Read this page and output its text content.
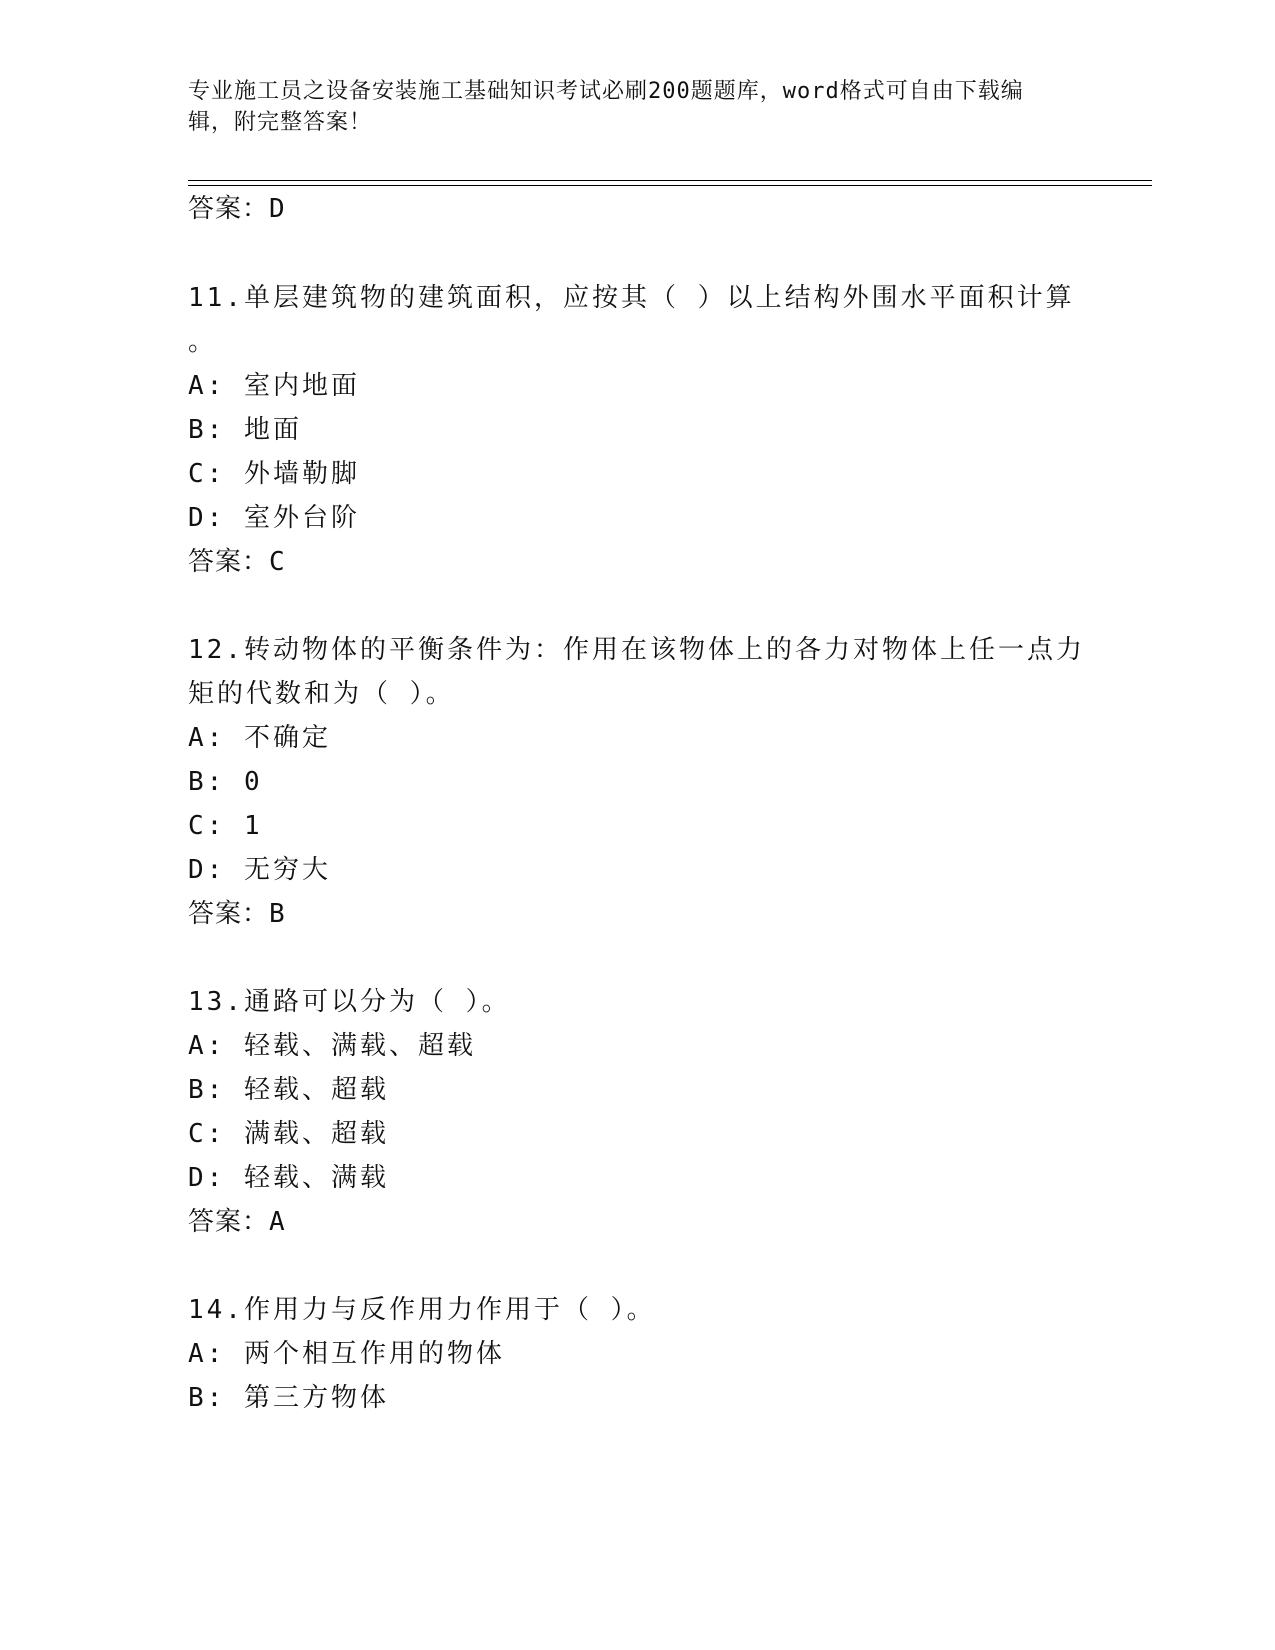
专业施工员之设备安装施工基础知识考试必刷200题题库，word格式可自由下载编辑，附完整答案！
答案：D
11.单层建筑物的建筑面积，应按其（ ）以上结构外围水平面积计算
。
A: 室内地面
B: 地面
C: 外墙勒脚
D: 室外台阶
答案：C
12.转动物体的平衡条件为：作用在该物体上的各力对物体上任一点力
矩的代数和为（ ）。
A: 不确定
B: 0
C: 1
D: 无穷大
答案：B
13.通路可以分为（ ）。
A: 轻载、满载、超载
B: 轻载、超载
C: 满载、超载
D: 轻载、满载
答案：A
14.作用力与反作用力作用于（ ）。
A: 两个相互作用的物体
B: 第三方物体
